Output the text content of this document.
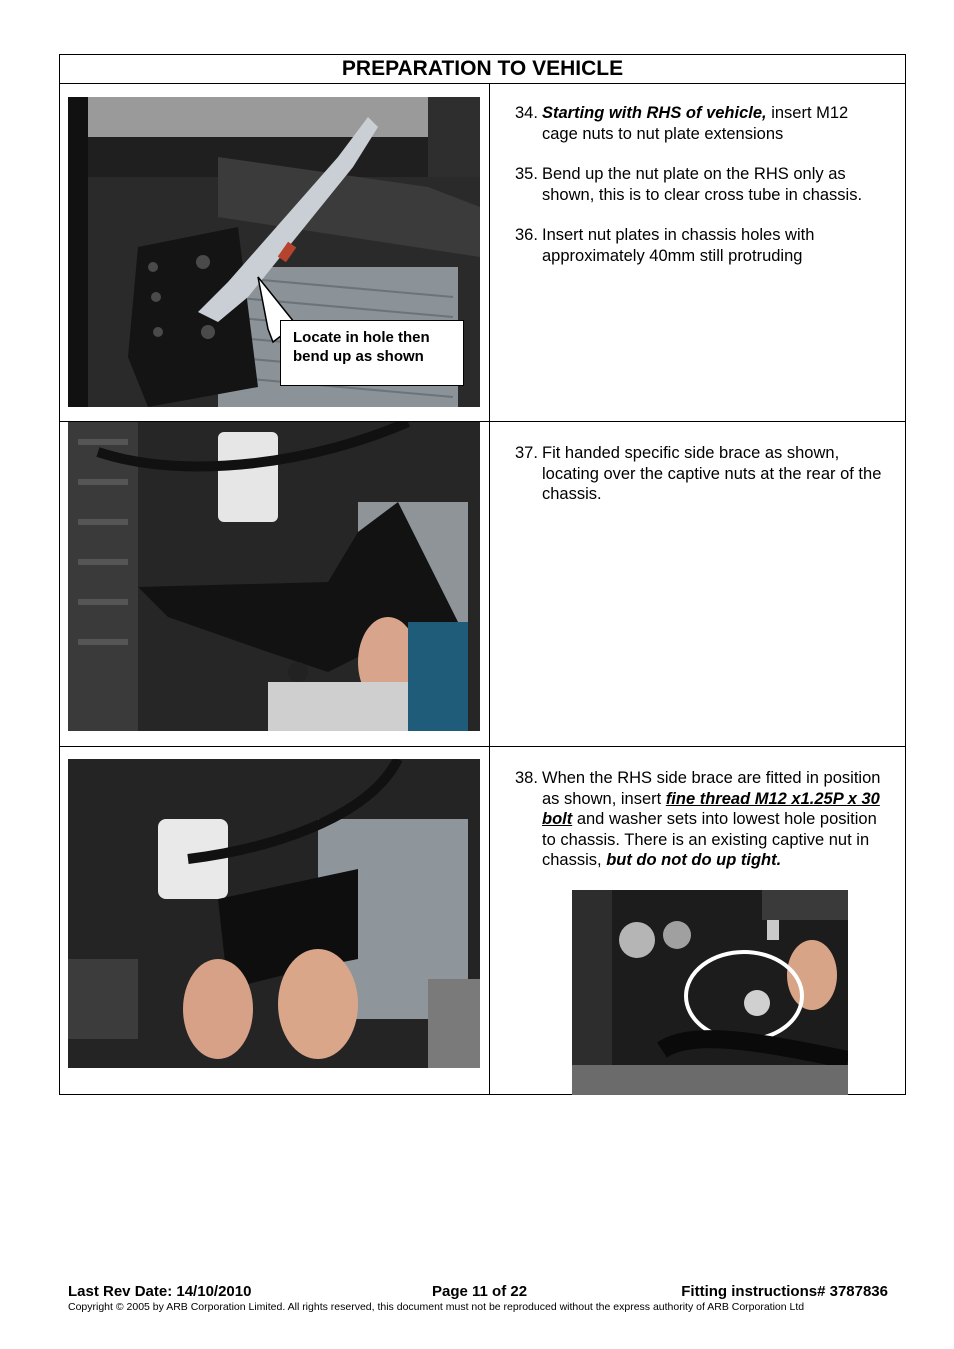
PREPARATION TO VEHICLE
Locate in hole then
bend up as shown
34. Starting with RHS of vehicle, insert M12 cage nuts to nut plate extensions
35. Bend up the nut plate on the RHS only as shown, this is to clear cross tube in chassis.
36. Insert nut plates in chassis holes with approximately 40mm still protruding
37. Fit handed specific side brace as shown, locating over the captive nuts at the rear of the chassis.
38. When the RHS side brace are fitted in position as shown, insert fine thread M12 x1.25P x 30 bolt and washer sets into lowest hole position to chassis. There is an existing captive nut in chassis, but do not do up tight.
Last Rev Date: 14/10/2010	Page 11 of 22	Fitting instructions# 3787836
Copyright © 2005 by ARB Corporation Limited. All rights reserved, this document must not be reproduced without the express authority of ARB Corporation Ltd
